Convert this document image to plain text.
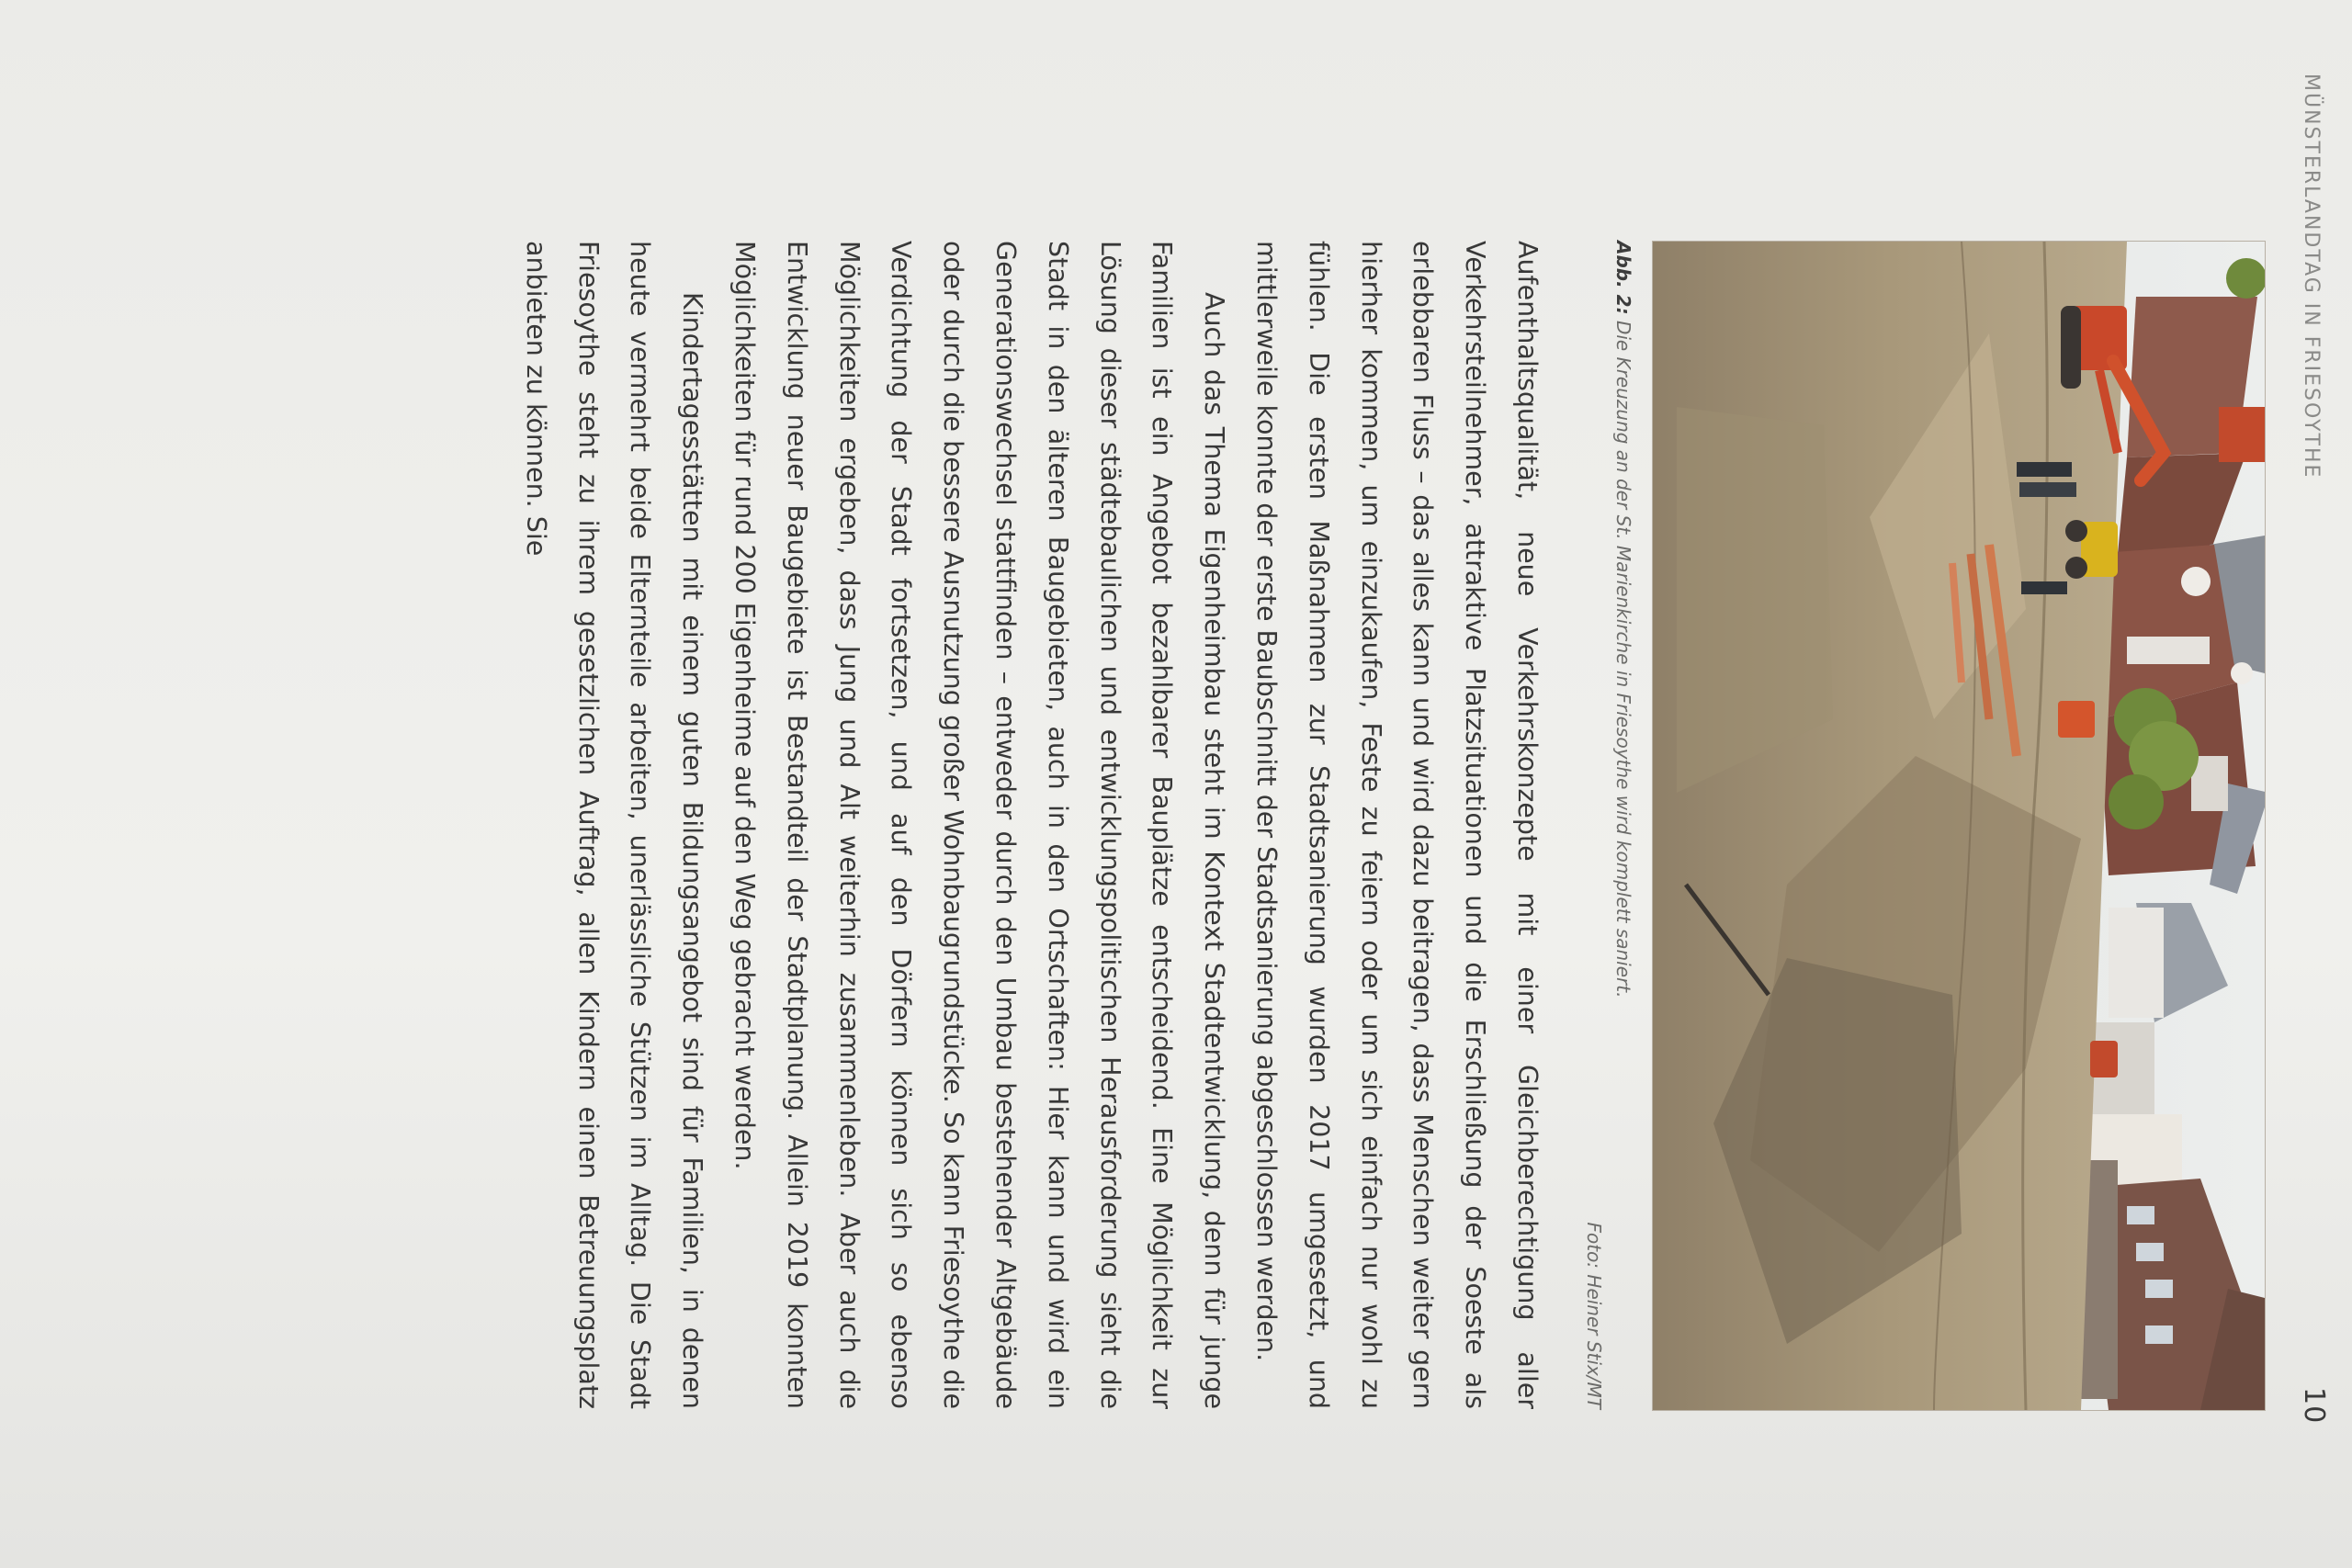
MÜNSTERLANDTAG IN FRIESOYTHE
10
Abb. 2: Die Kreuzung an der St. Marienkirche in Friesoythe wird komplett saniert.
Foto: Heiner Stix/MT

Aufenthaltsqualität, neue Verkehrskonzepte mit einer Gleichberechtigung aller Verkehrsteilnehmer, attraktive Platzsituationen und die Erschließung der Soeste als erlebbaren Fluss – das alles kann und wird dazu beitragen, dass Menschen weiter gern hierher kommen, um einzukaufen, Feste zu feiern oder um sich einfach nur wohl zu fühlen. Die ersten Maßnahmen zur Stadtsanierung wurden 2017 umgesetzt, und mittlerweile konnte der erste Baubschnitt der Stadtsanierung abgeschlossen werden.

Auch das Thema Eigenheimbau steht im Kontext Stadtentwicklung, denn für junge Familien ist ein Angebot bezahlbarer Bauplätze entscheidend. Eine Möglichkeit zur Lösung dieser städtebaulichen und entwicklungspolitischen Herausforderung sieht die Stadt in den älteren Baugebieten, auch in den Ortschaften: Hier kann und wird ein Generationswechsel stattfinden – entweder durch den Umbau bestehender Altgebäude oder durch die bessere Ausnutzung großer Wohnbaugrundstücke. So kann Friesoythe die Verdichtung der Stadt fortsetzen, und auf den Dörfern können sich so ebenso Möglichkeiten ergeben, dass Jung und Alt weiterhin zusammenleben. Aber auch die Entwicklung neuer Baugebiete ist Bestandteil der Stadtplanung. Allein 2019 konnten Möglichkeiten für rund 200 Eigenheime auf den Weg gebracht werden.

Kindertagesstätten mit einem guten Bildungsangebot sind für Familien, in denen heute vermehrt beide Elternteile arbeiten, unerlässliche Stützen im Alltag. Die Stadt Friesoythe steht zu ihrem gesetzlichen Auftrag, allen Kindern einen Betreuungsplatz anbieten zu können. Sie
